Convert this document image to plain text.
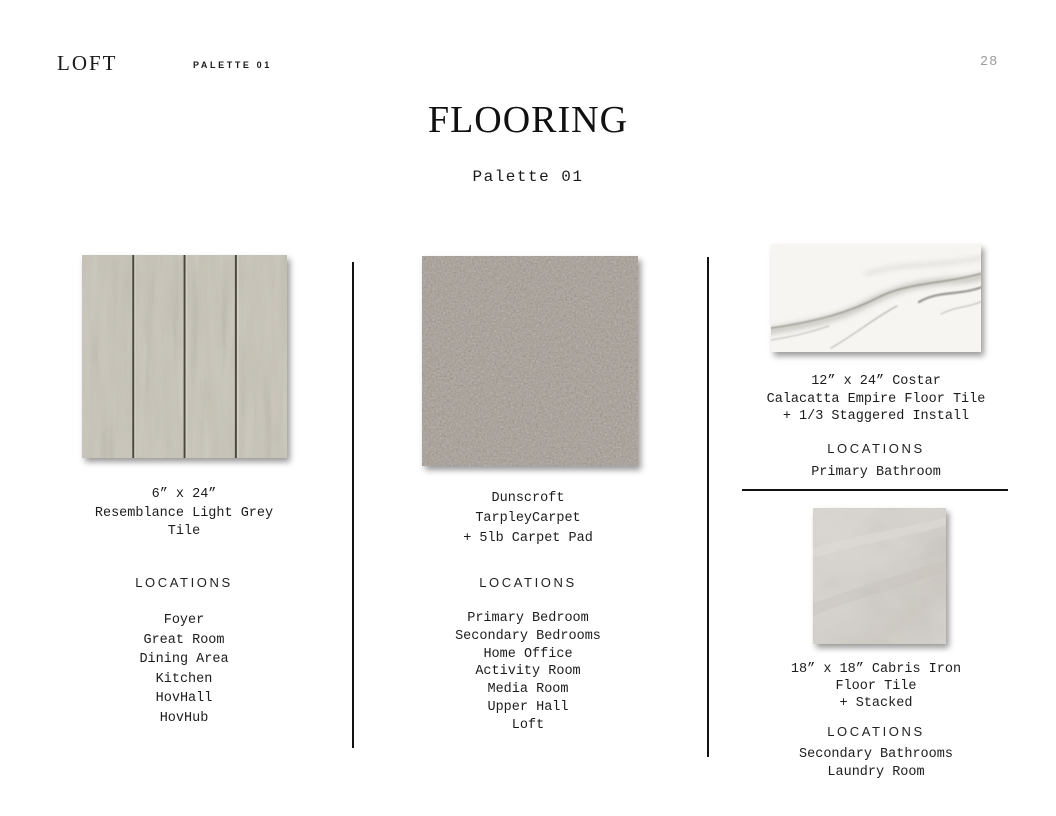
LOFT	PALETTE 01	28
FLOORING
Palette 01
6” x 24”
Resemblance Light Grey
Tile
LOCATIONS
Foyer
Great Room
Dining Area
Kitchen
HovHall
HovHub
Dunscroft
TarpleyCarpet
+ 5lb Carpet Pad
LOCATIONS
Primary Bedroom
Secondary Bedrooms
Home Office
Activity Room
Media Room
Upper Hall
Loft
12” x 24” Costar
Calacatta Empire Floor Tile
+ 1/3 Staggered Install
LOCATIONS
Primary Bathroom
18” x 18” Cabris Iron
Floor Tile
+ Stacked
LOCATIONS
Secondary Bathrooms
Laundry Room
